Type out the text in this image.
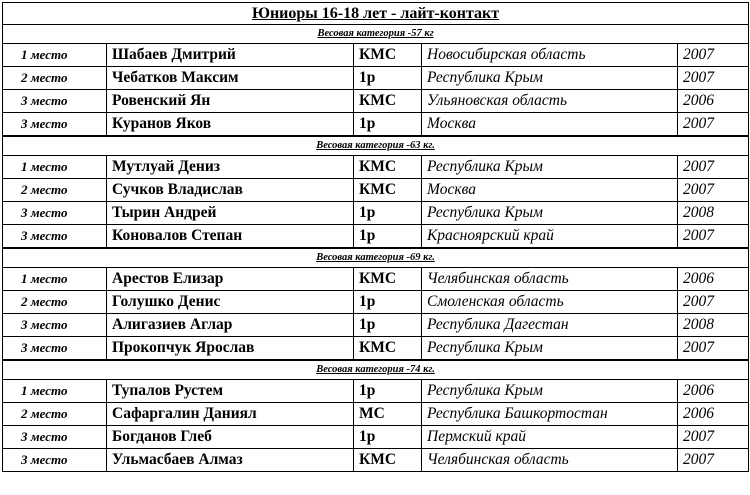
Юниоры 16-18 лет - лайт-контакт				
Весовая категория -57 кг				
1 место	Шабаев Дмитрий	КМС	Новосибирская область	2007
2 место	Чебатков Максим	1р	Республика Крым	2007
3 место	Ровенский Ян	КМС	Ульяновская область	2006
3 место	Куранов Яков	1р	Москва	2007

Весовая категория -63 кг.				
1 место	Мутлуай Дениз	КМС	Республика Крым	2007
2 место	Сучков Владислав	КМС	Москва	2007
3 место	Тырин Андрей	1р	Республика Крым	2008
3 место	Коновалов Степан	1р	Красноярский край	2007

Весовая категория -69 кг.				
1 место	Арестов Елизар	КМС	Челябинская область	2006
2 место	Голушко Денис	1р	Смоленская область	2007
3 место	Алигазиев Аглар	1р	Республика Дагестан	2008
3 место	Прокопчук Ярослав	КМС	Республика Крым	2007

Весовая категория -74 кг.				
1 место	Тупалов Рустем	1р	Республика Крым	2006
2 место	Сафаргалин Даниял	МС	Республика Башкортостан	2006
3 место	Богданов Глеб	1р	Пермский край	2007
3 место	Ульмасбаев Алмаз	КМС	Челябинская область	2007
